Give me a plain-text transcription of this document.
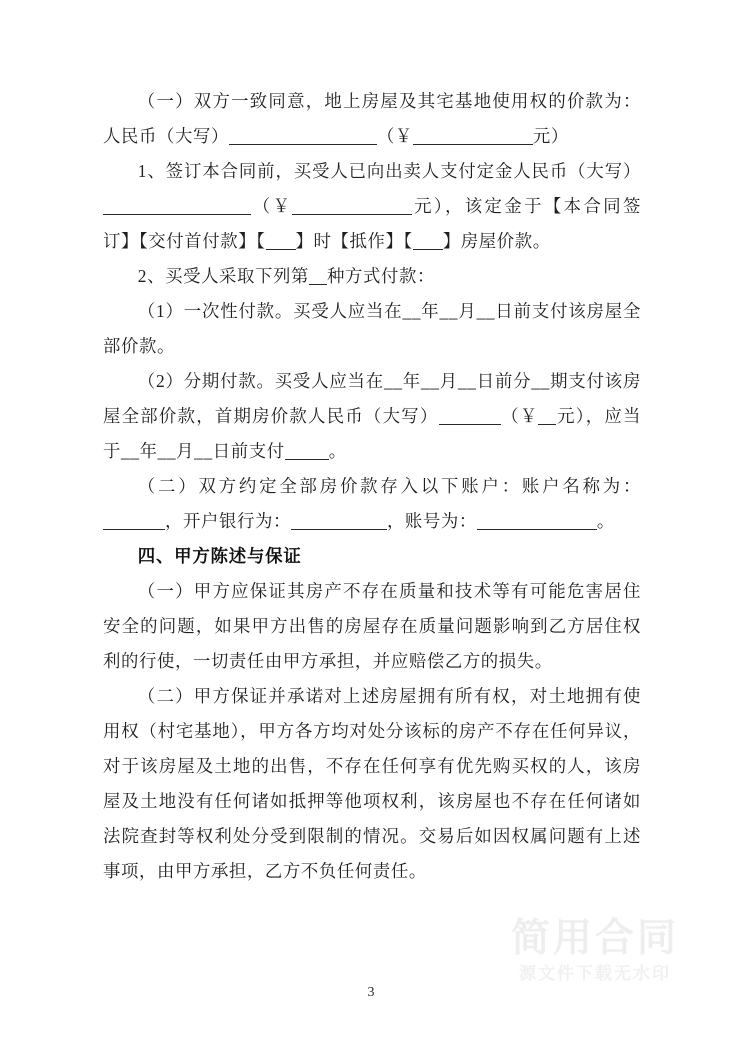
（一）双方一致同意，地上房屋及其宅基地使用权的价款为：人民币（大写）	（￥	元）

1、签订本合同前，买受人已向出卖人支付定金人民币（大写）（￥	元），该定金于【本合同签订】【交付首付款】【 】时【抵作】【 】房屋价款。

2、买受人采取下列第 种方式付款：

（1）一次性付款。买受人应当在__年__月__日前支付该房屋全部价款。

（2）分期付款。买受人应当在__年__月__日前分__期支付该房屋全部价款，首期房价款人民币（大写）	（￥ 元），应当于__年__月__日前支付	。

（二）双方约定全部房价款存入以下账户：账户名称为：，开户银行为：	，账号为：	。

四、甲方陈述与保证

（一）甲方应保证其房产不存在质量和技术等有可能危害居住安全的问题，如果甲方出售的房屋存在质量问题影响到乙方居住权利的行使，一切责任由甲方承担，并应赔偿乙方的损失。

（二）甲方保证并承诺对上述房屋拥有所有权，对土地拥有使用权（村宅基地），甲方各方均对处分该标的房产不存在任何异议，对于该房屋及土地的出售，不存在任何享有优先购买权的人，该房屋及土地没有任何诸如抵押等他项权利，该房屋也不存在任何诸如法院查封等权利处分受到限制的情况。交易后如因权属问题有上述事项，由甲方承担，乙方不负任何责任。

简用合同
源文件下载无水印
3
